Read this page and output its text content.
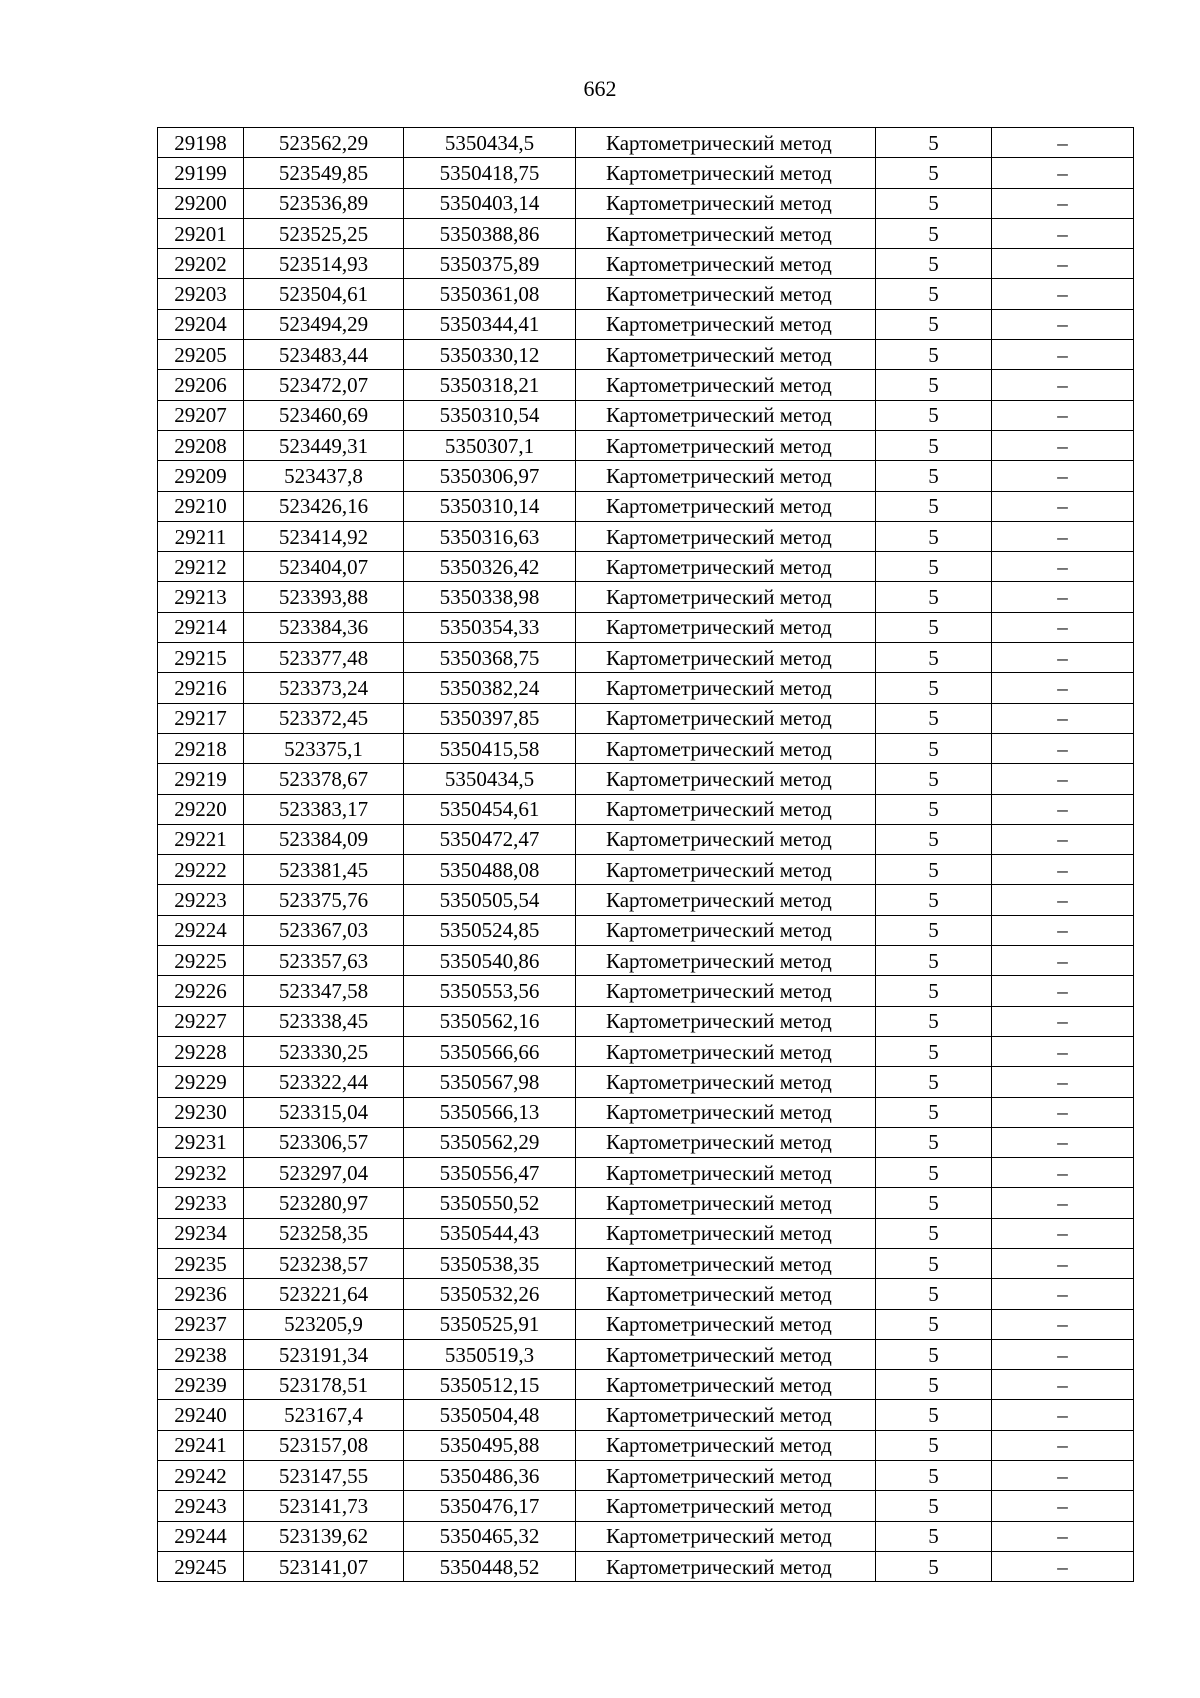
662
29198	523562,29	5350434,5	Картометрический метод	5	–
29199	523549,85	5350418,75	Картометрический метод	5	–
29200	523536,89	5350403,14	Картометрический метод	5	–
29201	523525,25	5350388,86	Картометрический метод	5	–
29202	523514,93	5350375,89	Картометрический метод	5	–
29203	523504,61	5350361,08	Картометрический метод	5	–
29204	523494,29	5350344,41	Картометрический метод	5	–
29205	523483,44	5350330,12	Картометрический метод	5	–
29206	523472,07	5350318,21	Картометрический метод	5	–
29207	523460,69	5350310,54	Картометрический метод	5	–
29208	523449,31	5350307,1	Картометрический метод	5	–
29209	523437,8	5350306,97	Картометрический метод	5	–
29210	523426,16	5350310,14	Картометрический метод	5	–
29211	523414,92	5350316,63	Картометрический метод	5	–
29212	523404,07	5350326,42	Картометрический метод	5	–
29213	523393,88	5350338,98	Картометрический метод	5	–
29214	523384,36	5350354,33	Картометрический метод	5	–
29215	523377,48	5350368,75	Картометрический метод	5	–
29216	523373,24	5350382,24	Картометрический метод	5	–
29217	523372,45	5350397,85	Картометрический метод	5	–
29218	523375,1	5350415,58	Картометрический метод	5	–
29219	523378,67	5350434,5	Картометрический метод	5	–
29220	523383,17	5350454,61	Картометрический метод	5	–
29221	523384,09	5350472,47	Картометрический метод	5	–
29222	523381,45	5350488,08	Картометрический метод	5	–
29223	523375,76	5350505,54	Картометрический метод	5	–
29224	523367,03	5350524,85	Картометрический метод	5	–
29225	523357,63	5350540,86	Картометрический метод	5	–
29226	523347,58	5350553,56	Картометрический метод	5	–
29227	523338,45	5350562,16	Картометрический метод	5	–
29228	523330,25	5350566,66	Картометрический метод	5	–
29229	523322,44	5350567,98	Картометрический метод	5	–
29230	523315,04	5350566,13	Картометрический метод	5	–
29231	523306,57	5350562,29	Картометрический метод	5	–
29232	523297,04	5350556,47	Картометрический метод	5	–
29233	523280,97	5350550,52	Картометрический метод	5	–
29234	523258,35	5350544,43	Картометрический метод	5	–
29235	523238,57	5350538,35	Картометрический метод	5	–
29236	523221,64	5350532,26	Картометрический метод	5	–
29237	523205,9	5350525,91	Картометрический метод	5	–
29238	523191,34	5350519,3	Картометрический метод	5	–
29239	523178,51	5350512,15	Картометрический метод	5	–
29240	523167,4	5350504,48	Картометрический метод	5	–
29241	523157,08	5350495,88	Картометрический метод	5	–
29242	523147,55	5350486,36	Картометрический метод	5	–
29243	523141,73	5350476,17	Картометрический метод	5	–
29244	523139,62	5350465,32	Картометрический метод	5	–
29245	523141,07	5350448,52	Картометрический метод	5	–
